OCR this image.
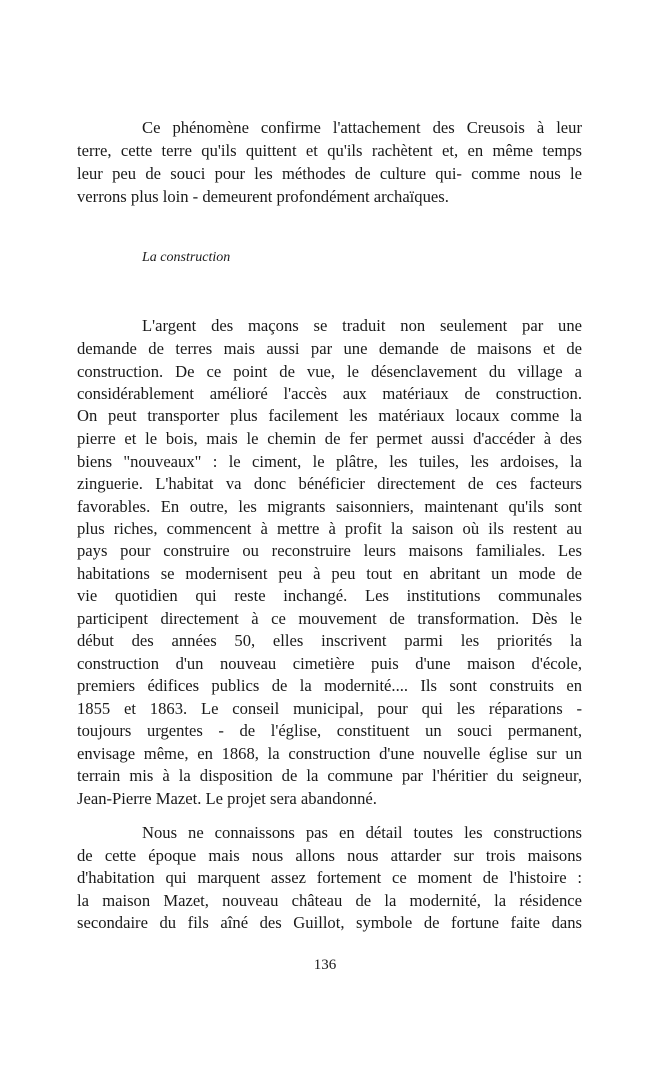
Ce phénomène confirme l'attachement des Creusois à leur
terre, cette terre qu'ils quittent et qu'ils rachètent et, en même temps
leur peu de souci pour les méthodes de culture qui- comme nous le
verrons plus loin - demeurent profondément archaïques.
La construction
L'argent des maçons se traduit non seulement par une
demande de terres mais aussi par une demande de maisons et de
construction. De ce point de vue, le désenclavement du village a
considérablement amélioré l'accès aux matériaux de construction.
On peut transporter plus facilement les matériaux locaux comme la
pierre et le bois, mais le chemin de fer permet aussi d'accéder à des
biens "nouveaux" : le ciment, le plâtre, les tuiles, les ardoises, la
zinguerie. L'habitat va donc bénéficier directement de ces facteurs
favorables. En outre, les migrants saisonniers, maintenant qu'ils sont
plus riches, commencent à mettre à profit la saison où ils restent au
pays pour construire ou reconstruire leurs maisons familiales. Les
habitations se modernisent peu à peu tout en abritant un mode de
vie quotidien qui reste inchangé. Les institutions communales
participent directement à ce mouvement de transformation. Dès le
début des années 50, elles inscrivent parmi les priorités la
construction d'un nouveau cimetière puis d'une maison d'école,
premiers édifices publics de la modernité.... Ils sont construits en
1855 et 1863. Le conseil municipal, pour qui les réparations -
toujours urgentes - de l'église, constituent un souci permanent,
envisage même, en 1868, la construction d'une nouvelle église sur un
terrain mis à la disposition de la commune par l'héritier du seigneur,
Jean-Pierre Mazet. Le projet sera abandonné.
Nous ne connaissons pas en détail toutes les constructions
de cette époque mais nous allons nous attarder sur trois maisons
d'habitation qui marquent assez fortement ce moment de l'histoire :
la maison Mazet, nouveau château de la modernité, la résidence
secondaire du fils aîné des Guillot, symbole de fortune faite dans
136
